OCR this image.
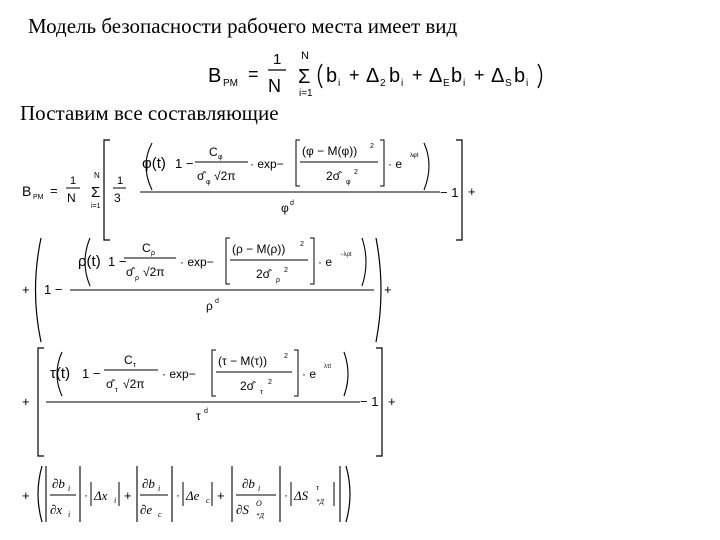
Модель безопасности рабочего места имеет вид
Поставим все составляющие
B PM =
1
N
N
Σ
i=1
b i + Δ 2 b i + Δ E b i + Δ S b i
B PM =
1
N
N
Σ
i=1
1
3
φ(t) 1 −
C φ
σ̂ φ √2π
· exp−
(φ − M(φ)) 2
2σ̂ φ
2
· e
λφt
φ d
− 1 +
+ 1 −
ρ(t) 1 −
C ρ
σ̂ ρ √2π
· exp−
(ρ − M(ρ)) 2
2σ̂ ρ
2
· e −λρt
ρ d
+
+
τ(t) 1 −
C τ
σ̂ τ √2π
· exp−
(τ − M(τ)) 2
2σ̂ τ
2
· e λτt
τ d
− 1 +
+
∂b i
∂x i
· Δx i +
∂b i
∂e c
· Δe c +
∂b i
∂S O
*Д
· ΔS
τ
*Д
